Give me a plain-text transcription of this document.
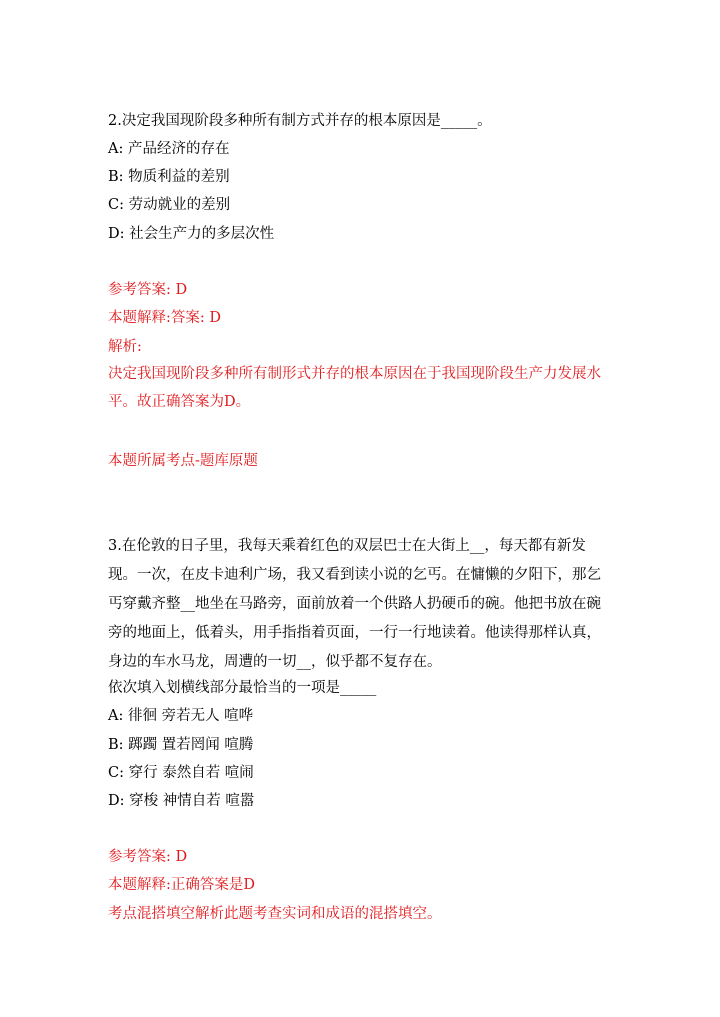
2.决定我国现阶段多种所有制方式并存的根本原因是_____。
A: 产品经济的存在
B: 物质利益的差别
C: 劳动就业的差别
D: 社会生产力的多层次性
参考答案: D
本题解释:答案: D
解析:
决定我国现阶段多种所有制形式并存的根本原因在于我国现阶段生产力发展水平。故正确答案为D。
本题所属考点-题库原题
3.在伦敦的日子里，我每天乘着红色的双层巴士在大街上__，每天都有新发现。一次，在皮卡迪利广场，我又看到读小说的乞丐。在慵懒的夕阳下，那乞丐穿戴齐整__地坐在马路旁，面前放着一个供路人扔硬币的碗。他把书放在碗旁的地面上，低着头，用手指指着页面，一行一行地读着。他读得那样认真，身边的车水马龙，周遭的一切__，似乎都不复存在。
依次填入划横线部分最恰当的一项是_____
A: 徘徊 旁若无人 喧哗
B: 踯躅 置若罔闻 喧腾
C: 穿行 泰然自若 喧闹
D: 穿梭 神情自若 喧嚣
参考答案: D
本题解释:正确答案是D
考点混搭填空解析此题考查实词和成语的混搭填空。
